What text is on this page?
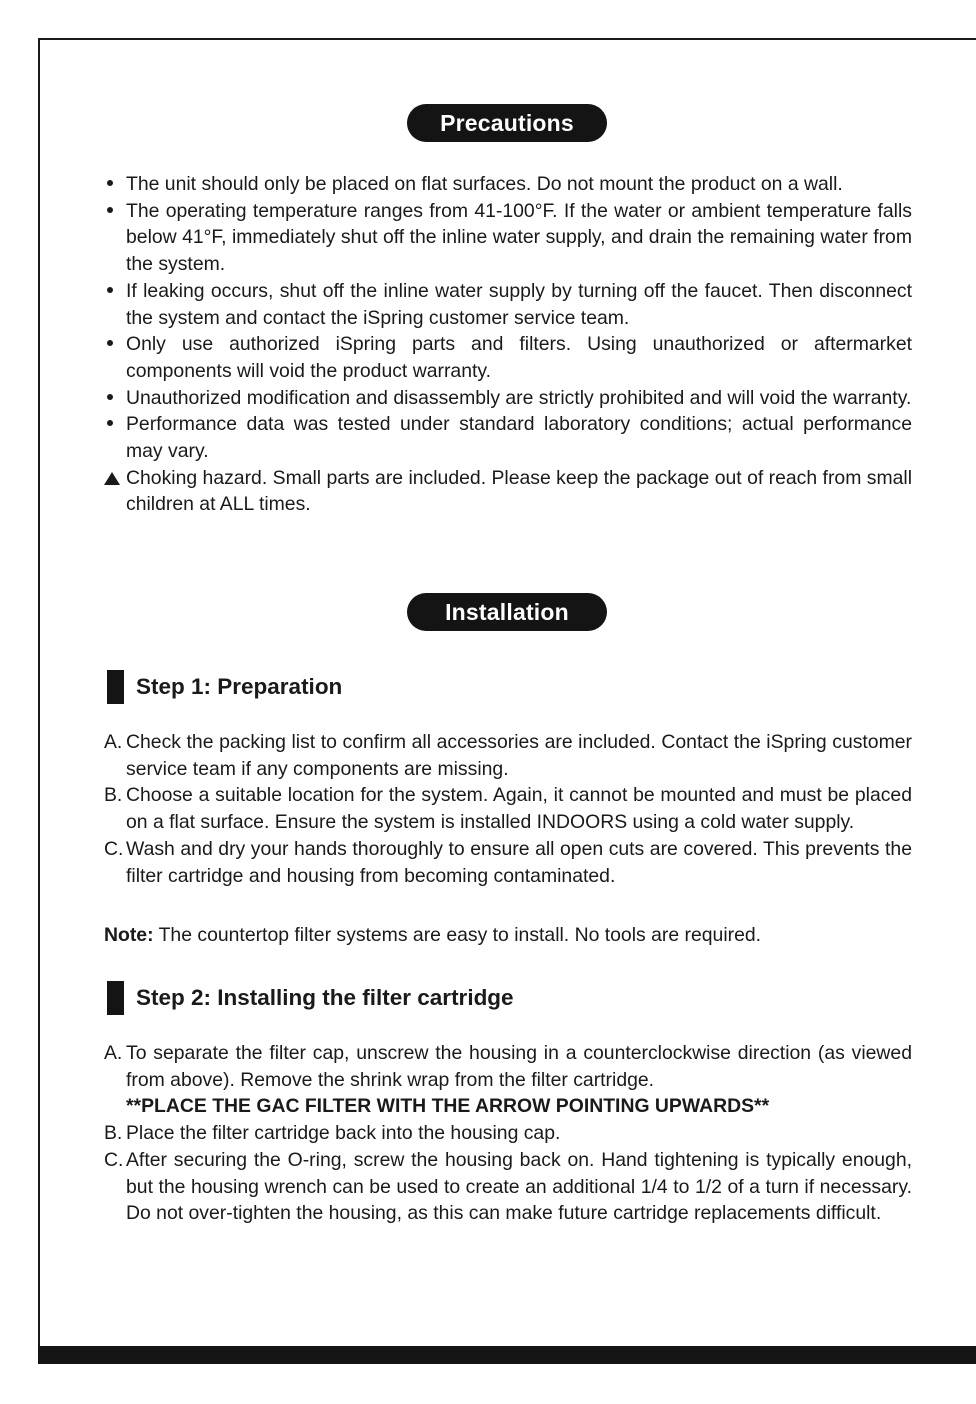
Precautions
The unit should only be placed on flat surfaces. Do not mount the product on a wall.
The operating temperature ranges from 41-100°F. If the water or ambient temperature falls below 41°F, immediately shut off the inline water supply, and drain the remaining water from the system.
If leaking occurs, shut off the inline water supply by turning off the faucet. Then disconnect the system and contact the iSpring customer service team.
Only use authorized iSpring parts and filters. Using unauthorized or aftermarket components will void the product warranty.
Unauthorized modification and disassembly are strictly prohibited and will void the warranty.
Performance data was tested under standard laboratory conditions; actual performance may vary.
Choking hazard. Small parts are included. Please keep the package out of reach from small children at ALL times.
Installation
Step 1: Preparation
A. Check the packing list to confirm all accessories are included. Contact the iSpring customer service team if any components are missing.
B. Choose a suitable location for the system. Again, it cannot be mounted and must be placed on a flat surface. Ensure the system is installed INDOORS using a cold water supply.
C. Wash and dry your hands thoroughly to ensure all open cuts are covered. This prevents the filter cartridge and housing from becoming contaminated.
Note: The countertop filter systems are easy to install. No tools are required.
Step 2: Installing the filter cartridge
A. To separate the filter cap, unscrew the housing in a counterclockwise direction (as viewed from above). Remove the shrink wrap from the filter cartridge.
**PLACE THE GAC FILTER WITH THE ARROW POINTING UPWARDS**
B. Place the filter cartridge back into the housing cap.
C. After securing the O-ring, screw the housing back on. Hand tightening is typically enough, but the housing wrench can be used to create an additional 1/4 to 1/2 of a turn if necessary. Do not over-tighten the housing, as this can make future cartridge replacements difficult.
